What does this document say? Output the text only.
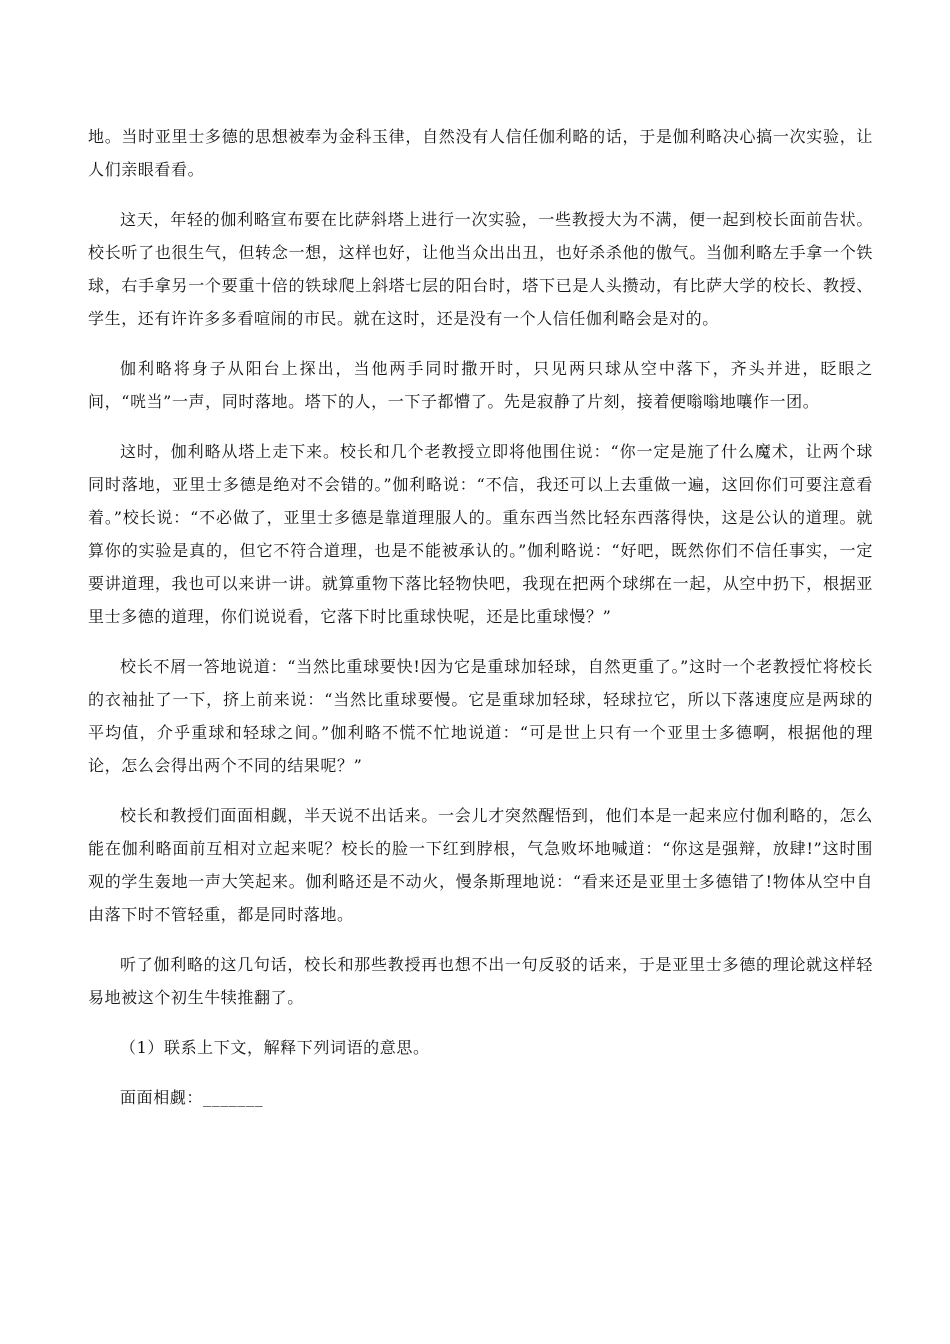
地。当时亚里士多德的思想被奉为金科玉律，自然没有人信任伽利略的话，于是伽利略决心搞一次实验，让人们亲眼看看。

这天，年轻的伽利略宣布要在比萨斜塔上进行一次实验，一些教授大为不满，便一起到校长面前告状。校长听了也很生气，但转念一想，这样也好，让他当众出出丑，也好杀杀他的傲气。当伽利略左手拿一个铁球，右手拿另一个要重十倍的铁球爬上斜塔七层的阳台时，塔下已是人头攒动，有比萨大学的校长、教授、学生，还有许许多多看喧闹的市民。就在这时，还是没有一个人信任伽利略会是对的。

伽利略将身子从阳台上探出，当他两手同时撒开时，只见两只球从空中落下，齐头并进，眨眼之间，“咣当”一声，同时落地。塔下的人，一下子都懵了。先是寂静了片刻，接着便嗡嗡地嚷作一团。

这时，伽利略从塔上走下来。校长和几个老教授立即将他围住说：“你一定是施了什么魔术，让两个球同时落地，亚里士多德是绝对不会错的。”伽利略说：“不信，我还可以上去重做一遍，这回你们可要注意看着。”校长说：“不必做了，亚里士多德是靠道理服人的。重东西当然比轻东西落得快，这是公认的道理。就算你的实验是真的，但它不符合道理，也是不能被承认的。”伽利略说：“好吧，既然你们不信任事实，一定要讲道理，我也可以来讲一讲。就算重物下落比轻物快吧，我现在把两个球绑在一起，从空中扔下，根据亚里士多德的道理，你们说说看，它落下时比重球快呢，还是比重球慢？”

校长不屑一答地说道：“当然比重球要快!因为它是重球加轻球，自然更重了。”这时一个老教授忙将校长的衣袖扯了一下，挤上前来说：“当然比重球要慢。它是重球加轻球，轻球拉它，所以下落速度应是两球的平均值，介乎重球和轻球之间。”伽利略不慌不忙地说道：“可是世上只有一个亚里士多德啊，根据他的理论，怎么会得出两个不同的结果呢？”

校长和教授们面面相觑，半天说不出话来。一会儿才突然醒悟到，他们本是一起来应付伽利略的，怎么能在伽利略面前互相对立起来呢？校长的脸一下红到脖根，气急败坏地喊道：“你这是强辩，放肆!”这时围观的学生轰地一声大笑起来。伽利略还是不动火，慢条斯理地说：“看来还是亚里士多德错了!物体从空中自由落下时不管轻重，都是同时落地。

听了伽利略的这几句话，校长和那些教授再也想不出一句反驳的话来，于是亚里士多德的理论就这样轻易地被这个初生牛犊推翻了。

（1）联系上下文，解释下列词语的意思。

面面相觑：_______
